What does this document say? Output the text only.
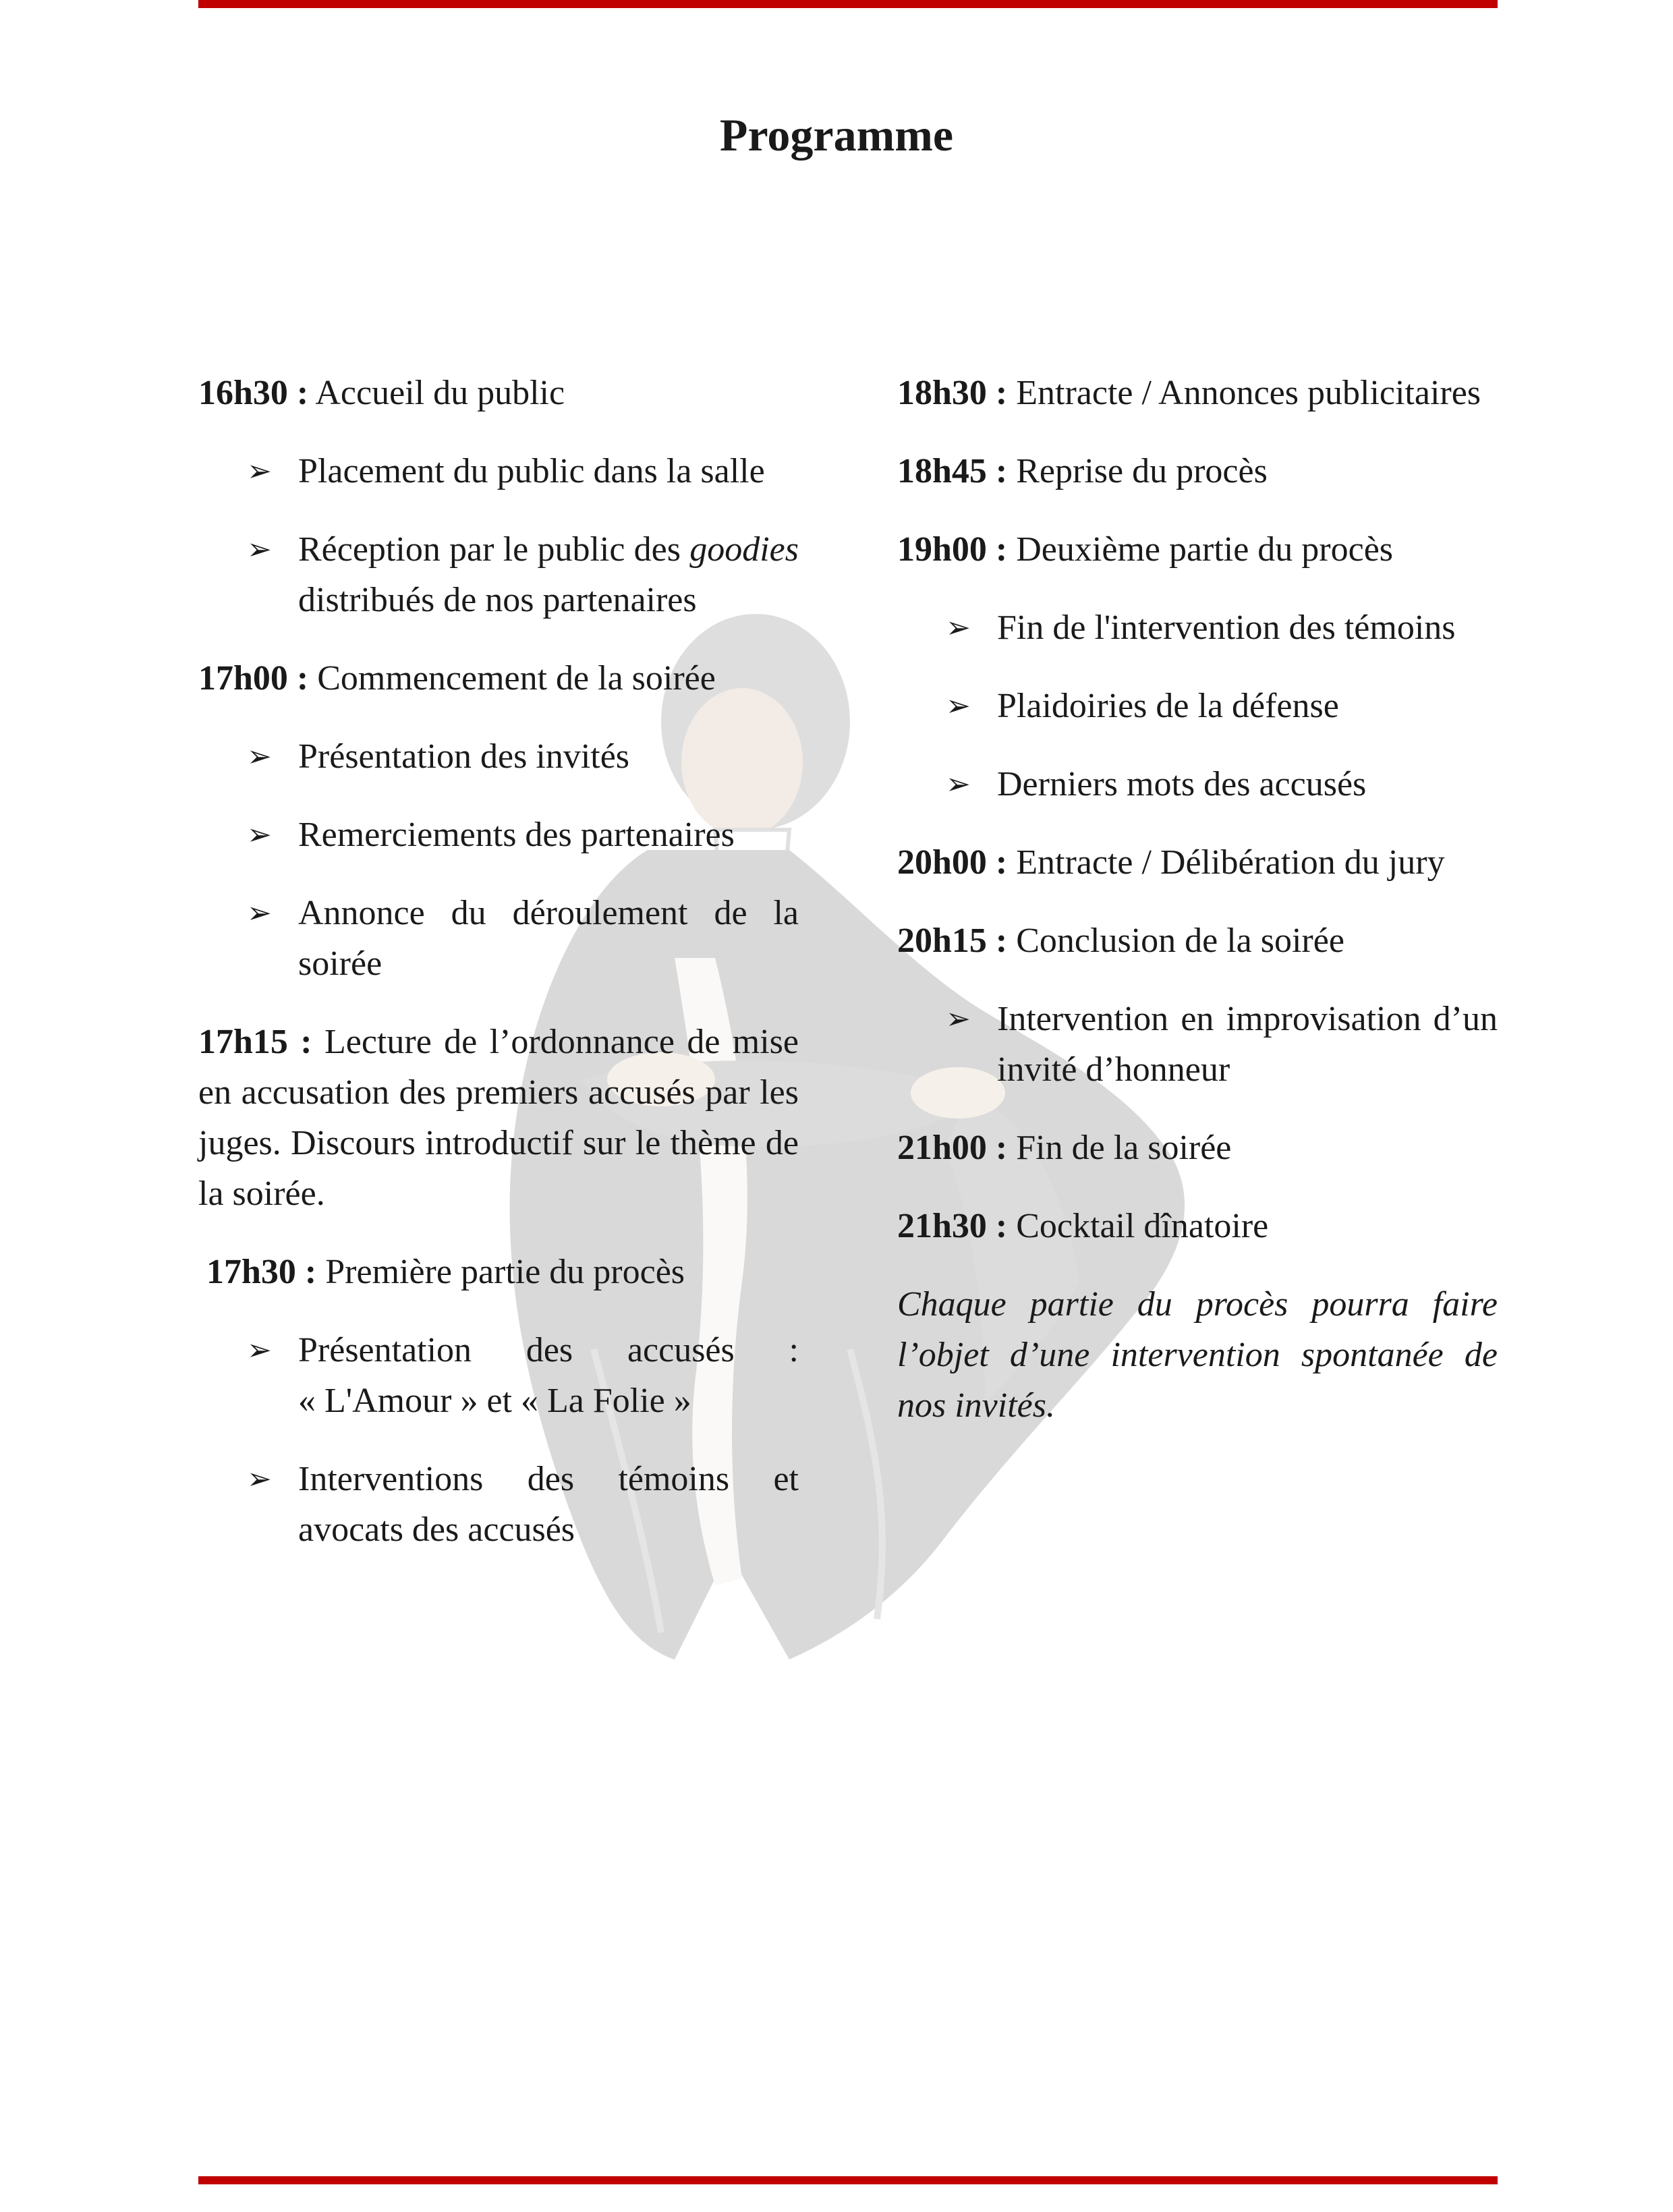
Programme

16h30 : Accueil du public

➢ Placement du public dans la salle
➢ Réception par le public des goodies distribués de nos partenaires

17h00 : Commencement de la soirée

➢ Présentation des invités
➢ Remerciements des partenaires
➢ Annonce du déroulement de la soirée

17h15 : Lecture de l’ordonnance de mise en accusation des premiers accusés par les juges. Discours introductif sur le thème de la soirée.

17h30 : Première partie du procès

➢ Présentation des accusés :
« L'Amour » et « La Folie »
➢ Interventions des témoins et avocats des accusés

18h30 : Entracte / Annonces publicitaires

18h45 : Reprise du procès

19h00 : Deuxième partie du procès

➢ Fin de l'intervention des témoins
➢ Plaidoiries de la défense
➢ Derniers mots des accusés

20h00 : Entracte / Délibération du jury

20h15 : Conclusion de la soirée

➢ Intervention en improvisation d’un invité d’honneur

21h00 : Fin de la soirée

21h30 : Cocktail dînatoire

Chaque partie du procès pourra faire l’objet d’une intervention spontanée de nos invités.
